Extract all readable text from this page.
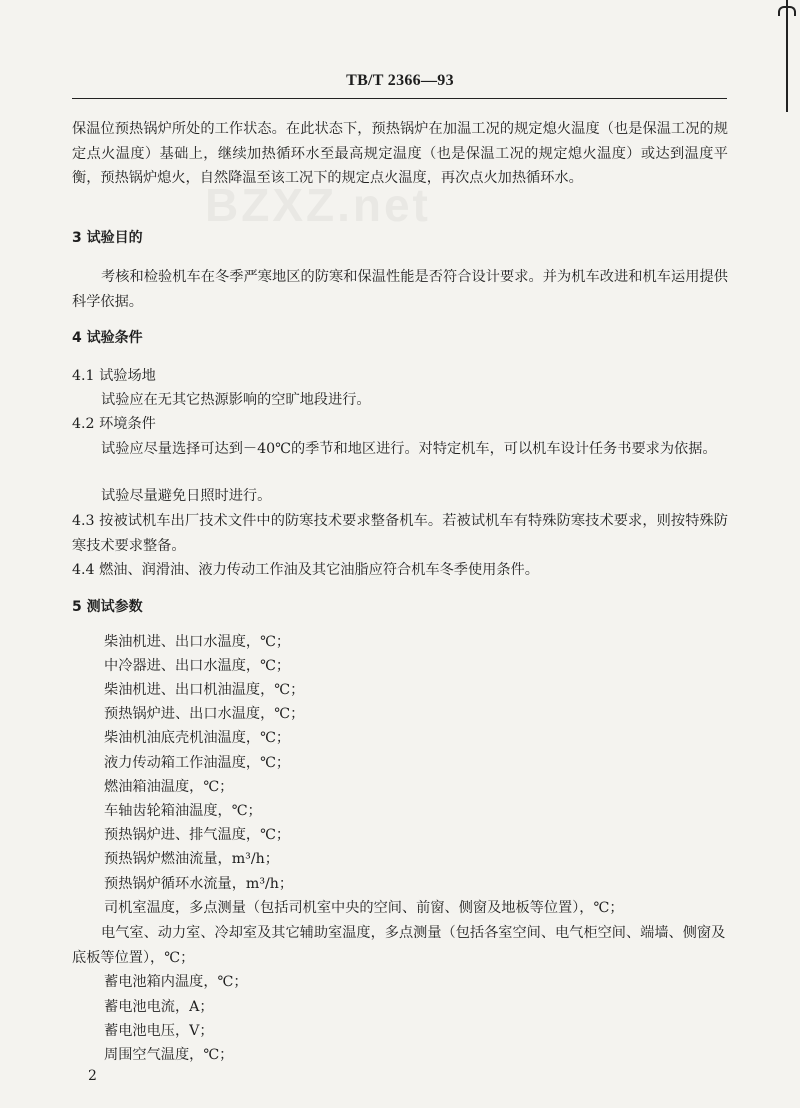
TB/T 2366—93
BZXZ.net
保温位预热锅炉所处的工作状态。在此状态下，预热锅炉在加温工况的规定熄火温度（也是保温工况的规定点火温度）基础上，继续加热循环水至最高规定温度（也是保温工况的规定熄火温度）或达到温度平衡，预热锅炉熄火，自然降温至该工况下的规定点火温度，再次点火加热循环水。
3 试验目的
考核和检验机车在冬季严寒地区的防寒和保温性能是否符合设计要求。并为机车改进和机车运用提供科学依据。
4 试验条件
4.1 试验场地
试验应在无其它热源影响的空旷地段进行。
4.2 环境条件
试验应尽量选择可达到－40℃的季节和地区进行。对特定机车，可以机车设计任务书要求为依据。
试验尽量避免日照时进行。
4.3 按被试机车出厂技术文件中的防寒技术要求整备机车。若被试机车有特殊防寒技术要求，则按特殊防寒技术要求整备。
4.4 燃油、润滑油、液力传动工作油及其它油脂应符合机车冬季使用条件。
5 测试参数
柴油机进、出口水温度，℃；
中冷器进、出口水温度，℃；
柴油机进、出口机油温度，℃；
预热锅炉进、出口水温度，℃；
柴油机油底壳机油温度，℃；
液力传动箱工作油温度，℃；
燃油箱油温度，℃；
车轴齿轮箱油温度，℃；
预热锅炉进、排气温度，℃；
预热锅炉燃油流量，m³/h；
预热锅炉循环水流量，m³/h；
司机室温度，多点测量（包括司机室中央的空间、前窗、侧窗及地板等位置），℃；
电气室、动力室、冷却室及其它辅助室温度，多点测量（包括各室空间、电气柜空间、端墙、侧窗及底板等位置），℃；
蓄电池箱内温度，℃；
蓄电池电流，A；
蓄电池电压，V；
周围空气温度，℃；
2
